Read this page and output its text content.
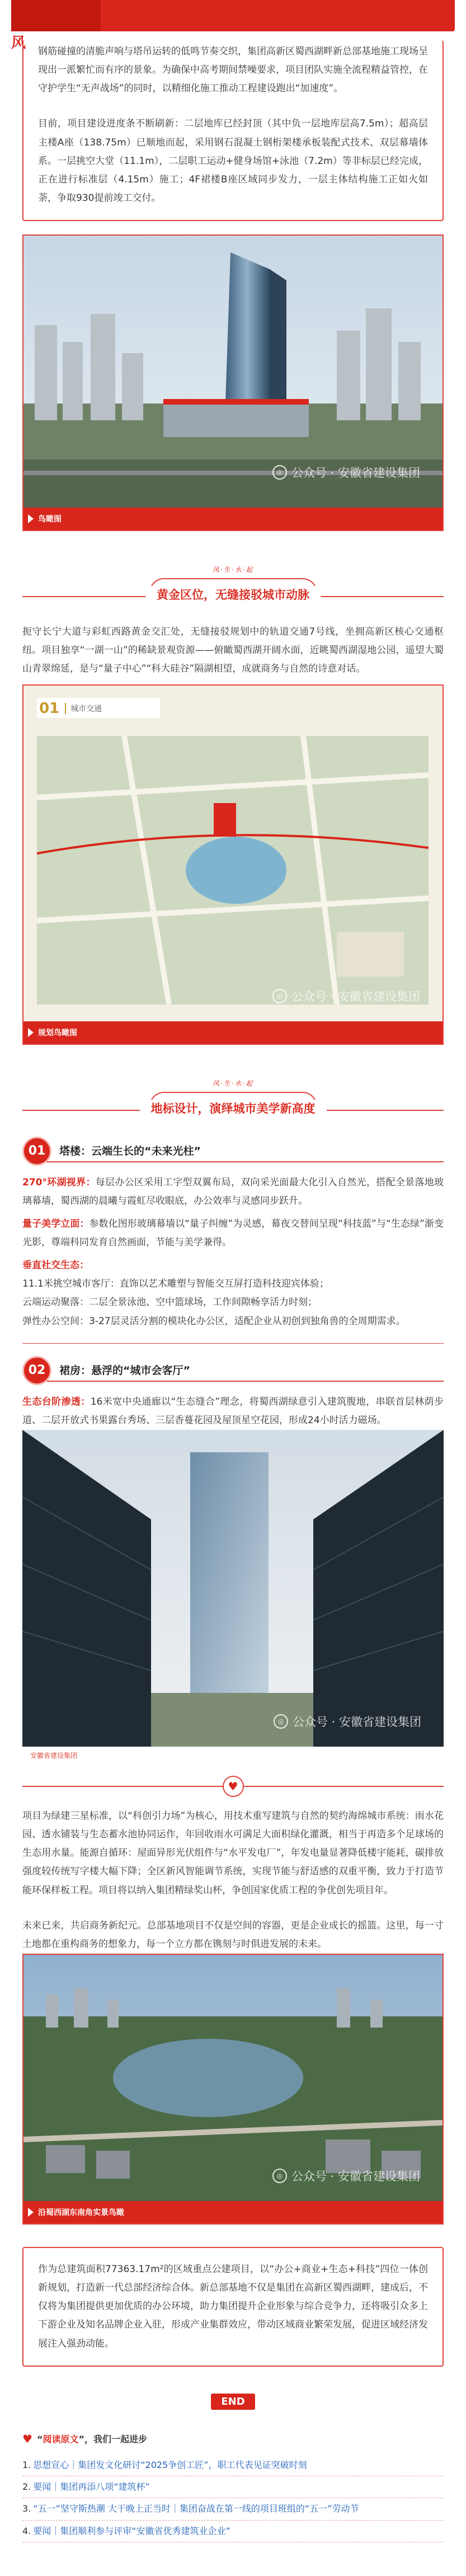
风 钢筋碰撞的清脆声响与塔吊运转的低鸣节奏交织，集团高新区蜀西湖畔新总部基地施工现场呈现出一派繁忙而有序的景象。为确保中高考期间禁噪要求，项目团队实施全流程精益管控，在守护学生“无声战场”的同时，以精细化施工推动工程建设跑出“加速度”。

目前，项目建设进度条不断刷新：二层地库已经封顶（其中负一层地库层高7.5m）；超高层主楼A座（138.75m）已顺地而起，采用钢石混凝土钢桁架楼承板装配式技术、双层幕墙体系。一层挑空大堂（11.1m），二层职工运动+健身场馆+泳池（7.2m）等非标层已经完成，正在进行标准层（4.15m）施工；4F裙楼B座区域同步发力，一层主体结构施工正如火如荼，争取930提前竣工交付。

◎ 公众号 · 安徽省建设集团
鸟瞰图
风·生·水·起
黄金区位，无缝接驳城市动脉

扼守长宁大道与彩虹西路黄金交汇处，无缝接驳规划中的轨道交通7号线，坐拥高新区核心交通枢纽。项目独享“一湖一山”的稀缺景观资源——俯瞰蜀西湖开阔水面，近眺蜀西湖湿地公园，遥望大蜀山青翠绵延，是与“量子中心”“科大硅谷”隔湖相望，成就商务与自然的诗意对话。

01	城市交通
◎ 公众号 · 安徽省建设集团
规划鸟瞰图
风·生·水·起
地标设计，演绎城市美学新高度
01	塔楼：云端生长的“未来光柱”

270°环湖视界：每层办公区采用工字型双翼布局，双向采光面最大化引入自然光，搭配全景落地玻璃幕墙，蜀西湖的晨曦与霞虹尽收眼底，办公效率与灵感同步跃升。

量子美学立面：参数化图形玻璃幕墙以“量子纠缠”为灵感，幕夜交替间呈现“科技蓝”与“生态绿”渐变光影，尊端科同发育自然画面，节能与美学兼得。

垂直社交生态：

11.1米挑空城市客厅：直饰以艺术雕塑与智能交互屏打造科技迎宾体验；

云端运动聚落：二层全景泳池、空中篮球场，工作间隙畅享活力时刻；

弹性办公空间：3-27层灵活分割的模块化办公区，适配企业从初创到独角兽的全周期需求。

02	裙房：悬浮的“城市会客厅”

生态台阶渗透：16米宽中央通廊以“生态缝合”理念，将蜀西湖绿意引入建筑腹地，串联首层林荫步道、二层开放式书果露台秀场、三层香蔓花园及屋顶星空花园，形成24小时活力磁场。

◎ 公众号 · 安徽省建设集团
安徽省建设集团
♥

项目为绿建三星标准，以“科创引力场”为核心，用技术重写建筑与自然的契约海绵城市系统：雨水花园、透水铺装与生态蓄水池协同运作，年回收雨水可满足大面积绿化灌溉，相当于再造多个足球场的生态用水量。能源自循环：屋面异形光伏组件与“水平发电厂”，年发电量显著降低楼宇能耗，碳排放强度较传统写字楼大幅下降；全区新风智能调节系统，实现节能与舒适感的双重平衡，致力于打造节能环保样板工程。项目将以纳入集团精绿奖山杯，争创国家优质工程的争优创先项目年。

未来已来，共启商务新纪元。总部基地项目不仅是空间的容器，更是企业成长的摇篮。这里，每一寸土地都在重构商务的想象力，每一个立方都在镌刻与时俱进发展的未来。

◎ 公众号 · 安徽省建设集团
沿蜀西湖东南角实景鸟瞰

作为总建筑面积77363.17m²的区域重点公建项目，以“办公+商业+生态+科技”四位一体创新规划，打造新一代总部经济综合体。新总部基地不仅是集团在高新区蜀西湖畔，建成后，不仅将为集团提供更加优质的办公环境，助力集团提升企业形象与综合竞争力，还将吸引众多上下游企业及知名品牌企业入驻，形成产业集群效应，带动区域商业繁荣发展，促进区域经济发展注入强劲动能。

END
♥ “阅读原文”，我们一起进步
1. 思想宣心｜集团发文化研讨“2025争创工匠”，职工代表见证突破时刻
2. 要闻｜集团再添八项“建筑杯”
3. “五一”坚守斯热潮 大干晚上正当时｜集团奋战在第一线的项目班组的“五一”劳动节
4. 要闻｜集团顺利参与评审“安徽省优秀建筑业企业”
